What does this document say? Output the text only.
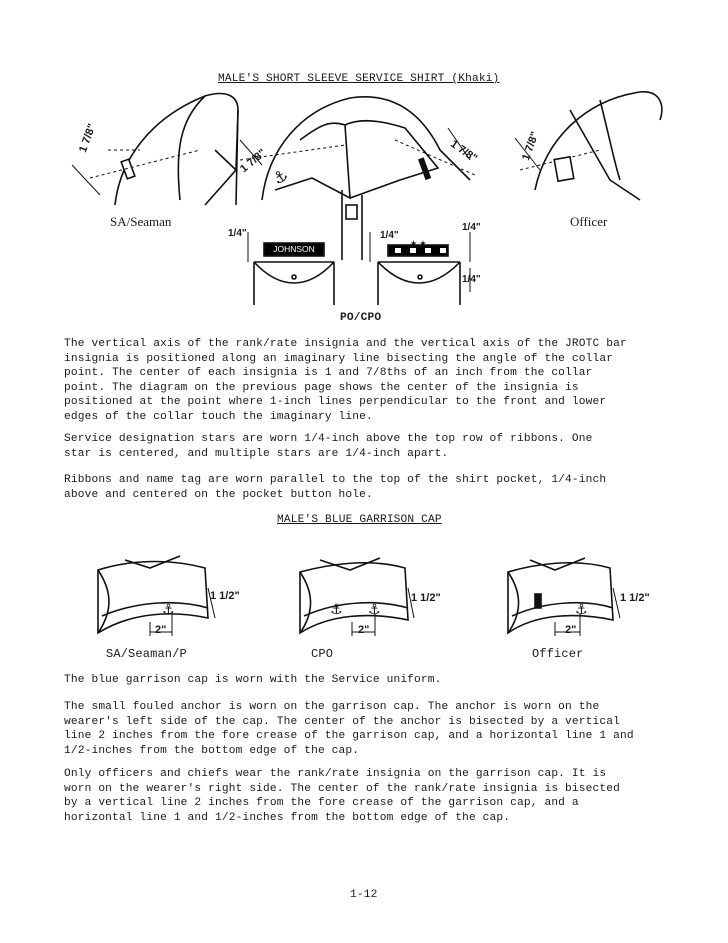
MALE'S SHORT SLEEVE SERVICE SHIRT (Khaki)
★ ★
⚓
1 7/8"
1 7/8"	1 7/8"	1 7/8"
SA/Seaman	Officer
1/4"	1/4"
1/4"
1/4"
JOHNSON
PO/CPO
The vertical axis of the rank/rate insignia and the vertical axis of the JROTC bar
insignia is positioned along an imaginary line bisecting the angle of the collar
point. The center of each insignia is 1 and 7/8ths of an inch from the collar
point. The diagram on the previous page shows the center of the insignia is
positioned at the point where 1-inch lines perpendicular to the front and lower
edges of the collar touch the imaginary line.
Service designation stars are worn 1/4-inch above the top row of ribbons. One
star is centered, and multiple stars are 1/4-inch apart.
Ribbons and name tag are worn parallel to the top of the shirt pocket, 1/4-inch
above and centered on the pocket button hole.
MALE'S BLUE GARRISON CAP
⚓	⚓ ⚓	⚓
1 1/2"
2"
1 1/2"
2"
1 1/2"
2"
SA/Seaman/P	CPO	Officer
The blue garrison cap is worn with the Service uniform.
The small fouled anchor is worn on the garrison cap. The anchor is worn on the
wearer's left side of the cap. The center of the anchor is bisected by a vertical
line 2 inches from the fore crease of the garrison cap, and a horizontal line 1 and
1/2-inches from the bottom edge of the cap.
Only officers and chiefs wear the rank/rate insignia on the garrison cap. It is
worn on the wearer's right side. The center of the rank/rate insignia is bisected
by a vertical line 2 inches from the fore crease of the garrison cap, and a
horizontal line 1 and 1/2-inches from the bottom edge of the cap.
1-12
